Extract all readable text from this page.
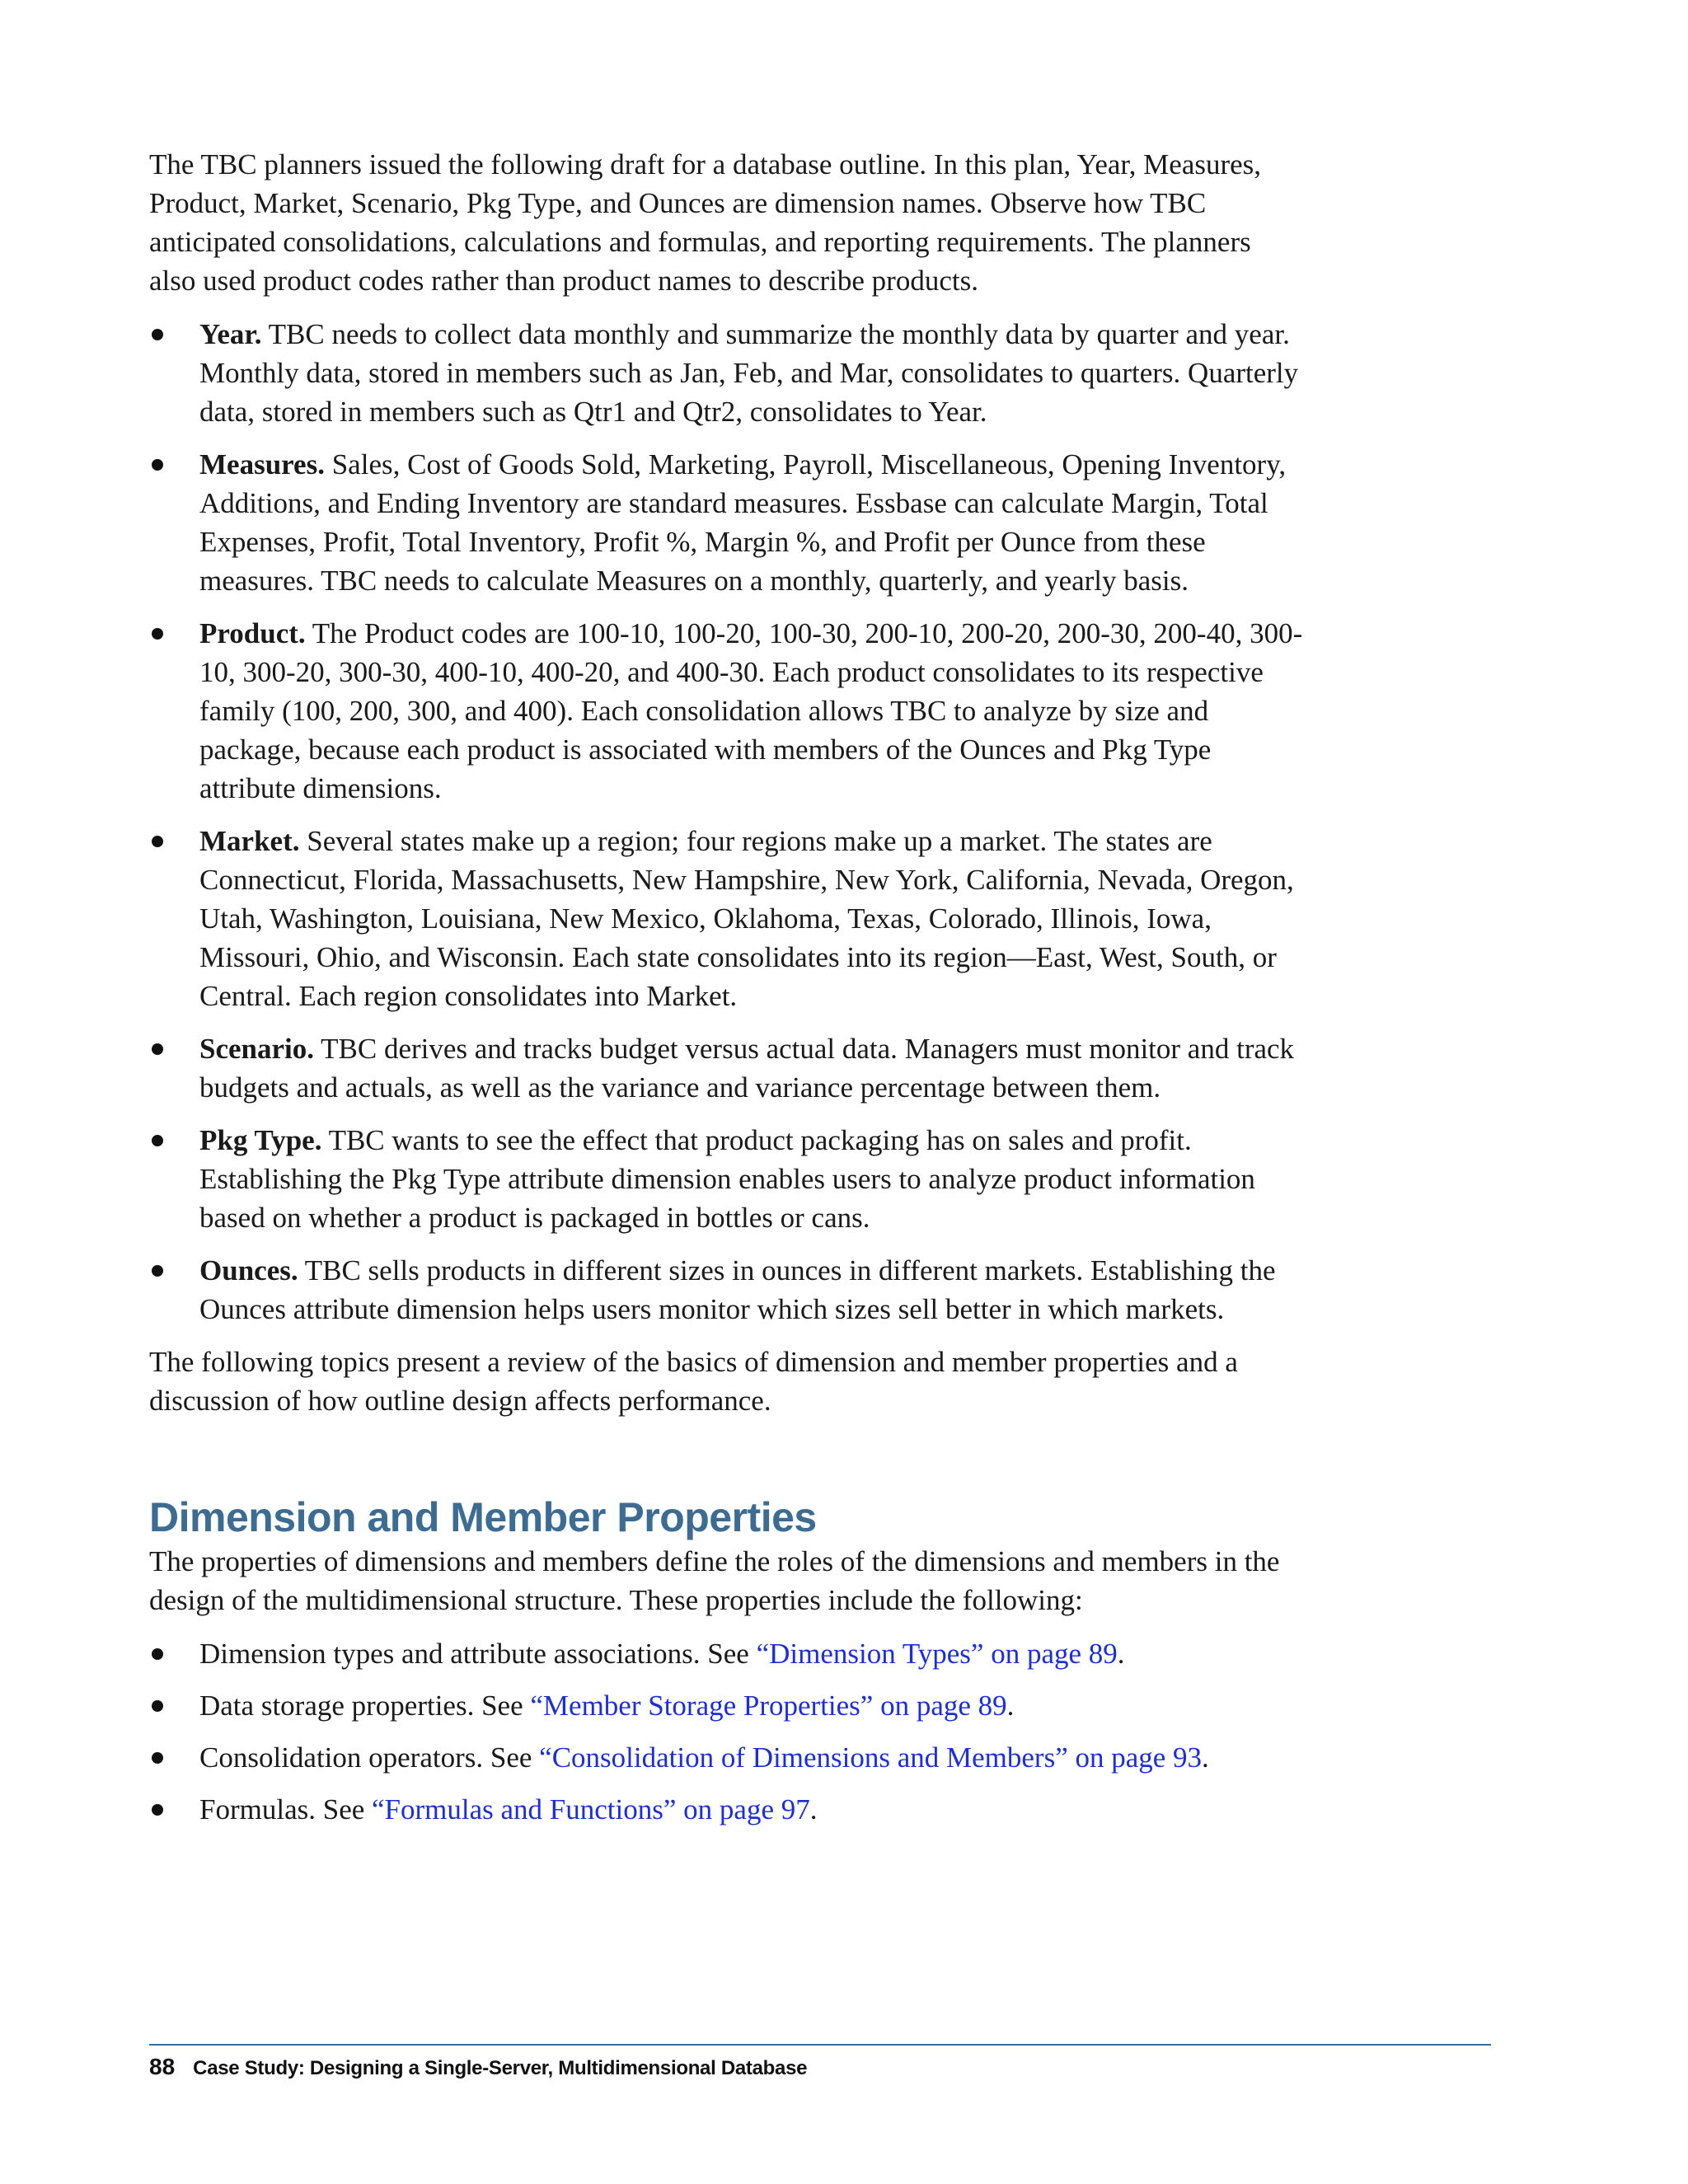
The TBC planners issued the following draft for a database outline. In this plan, Year, Measures, Product, Market, Scenario, Pkg Type, and Ounces are dimension names. Observe how TBC anticipated consolidations, calculations and formulas, and reporting requirements. The planners also used product codes rather than product names to describe products.

Year. TBC needs to collect data monthly and summarize the monthly data by quarter and year. Monthly data, stored in members such as Jan, Feb, and Mar, consolidates to quarters. Quarterly data, stored in members such as Qtr1 and Qtr2, consolidates to Year.
Measures. Sales, Cost of Goods Sold, Marketing, Payroll, Miscellaneous, Opening Inventory, Additions, and Ending Inventory are standard measures. Essbase can calculate Margin, Total Expenses, Profit, Total Inventory, Profit %, Margin %, and Profit per Ounce from these measures. TBC needs to calculate Measures on a monthly, quarterly, and yearly basis.
Product. The Product codes are 100-10, 100-20, 100-30, 200-10, 200-20, 200-30, 200-40, 300-10, 300-20, 300-30, 400-10, 400-20, and 400-30. Each product consolidates to its respective family (100, 200, 300, and 400). Each consolidation allows TBC to analyze by size and package, because each product is associated with members of the Ounces and Pkg Type attribute dimensions.
Market. Several states make up a region; four regions make up a market. The states are Connecticut, Florida, Massachusetts, New Hampshire, New York, California, Nevada, Oregon, Utah, Washington, Louisiana, New Mexico, Oklahoma, Texas, Colorado, Illinois, Iowa, Missouri, Ohio, and Wisconsin. Each state consolidates into its region—East, West, South, or Central. Each region consolidates into Market.
Scenario. TBC derives and tracks budget versus actual data. Managers must monitor and track budgets and actuals, as well as the variance and variance percentage between them.
Pkg Type. TBC wants to see the effect that product packaging has on sales and profit. Establishing the Pkg Type attribute dimension enables users to analyze product information based on whether a product is packaged in bottles or cans.
Ounces. TBC sells products in different sizes in ounces in different markets. Establishing the Ounces attribute dimension helps users monitor which sizes sell better in which markets.

The following topics present a review of the basics of dimension and member properties and a discussion of how outline design affects performance.

Dimension and Member Properties

The properties of dimensions and members define the roles of the dimensions and members in the design of the multidimensional structure. These properties include the following:

Dimension types and attribute associations. See “Dimension Types” on page 89.
Data storage properties. See “Member Storage Properties” on page 89.
Consolidation operators. See “Consolidation of Dimensions and Members” on page 93.
Formulas. See “Formulas and Functions” on page 97.
88 Case Study: Designing a Single-Server, Multidimensional Database
